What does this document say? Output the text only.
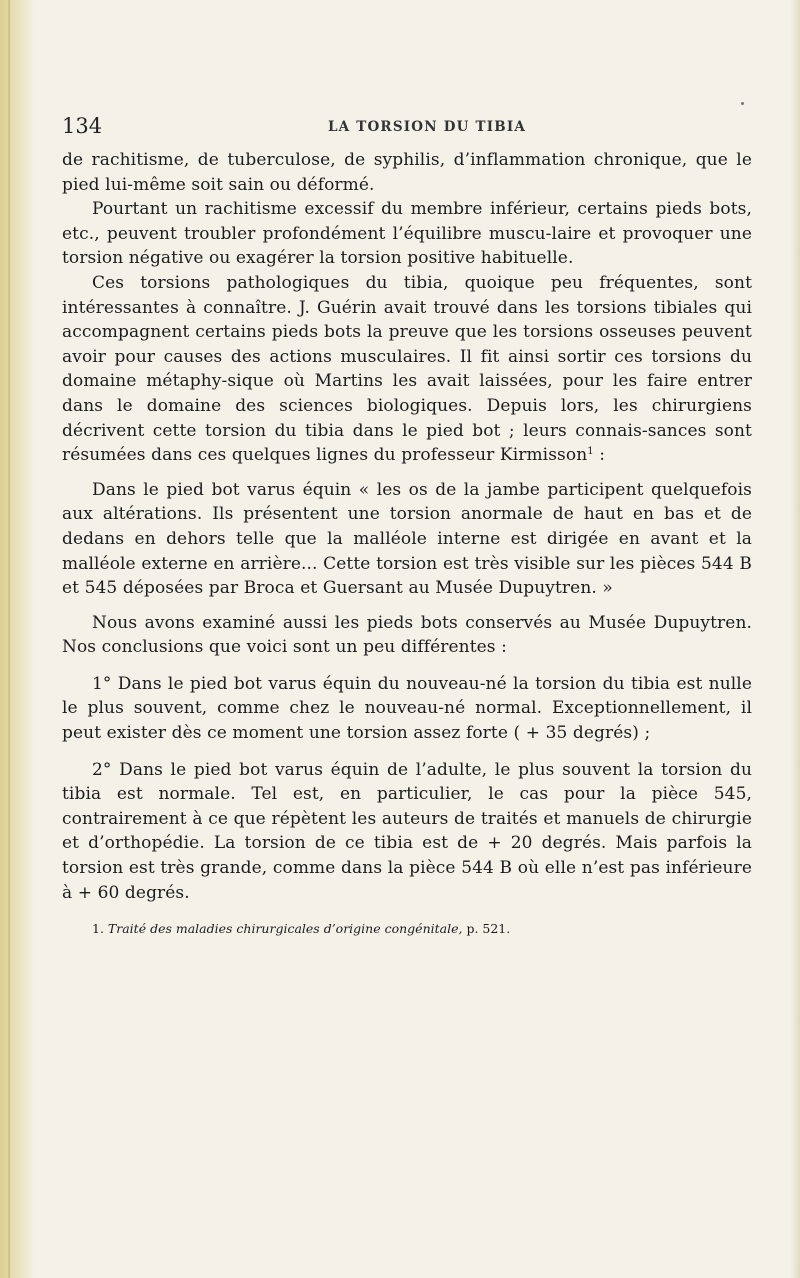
134	LA TORSION DU TIBIA

de rachitisme, de tuberculose, de syphilis, d’inflammation chronique, que le pied lui-même soit sain ou déformé.

Pourtant un rachitisme excessif du membre inférieur, certains pieds bots, etc., peuvent troubler profondément l’équilibre muscu-laire et provoquer une torsion négative ou exagérer la torsion positive habituelle.

Ces torsions pathologiques du tibia, quoique peu fréquentes, sont intéressantes à connaître. J. Guérin avait trouvé dans les torsions tibiales qui accompagnent certains pieds bots la preuve que les torsions osseuses peuvent avoir pour causes des actions musculaires. Il fit ainsi sortir ces torsions du domaine métaphy-sique où Martins les avait laissées, pour les faire entrer dans le domaine des sciences biologiques. Depuis lors, les chirurgiens décrivent cette torsion du tibia dans le pied bot ; leurs connais-sances sont résumées dans ces quelques lignes du professeur Kirmisson$^1$ :

Dans le pied bot varus équin « les os de la jambe participent quelquefois aux altérations. Ils présentent une torsion anormale de haut en bas et de dedans en dehors telle que la malléole interne est dirigée en avant et la malléole externe en arrière... Cette torsion est très visible sur les pièces 544 B et 545 déposées par Broca et Guersant au Musée Dupuytren. »

Nous avons examiné aussi les pieds bots conservés au Musée Dupuytren. Nos conclusions que voici sont un peu différentes :

1° Dans le pied bot varus équin du nouveau-né la torsion du tibia est nulle le plus souvent, comme chez le nouveau-né normal. Exceptionnellement, il peut exister dès ce moment une torsion assez forte ( + 35 degrés) ;

2° Dans le pied bot varus équin de l’adulte, le plus souvent la torsion du tibia est normale. Tel est, en particulier, le cas pour la pièce 545, contrairement à ce que répètent les auteurs de traités et manuels de chirurgie et d’orthopédie. La torsion de ce tibia est de + 20 degrés. Mais parfois la torsion est très grande, comme dans la pièce 544 B où elle n’est pas inférieure à + 60 degrés.

1. Traité des maladies chirurgicales d’origine congénitale, p. 521.
